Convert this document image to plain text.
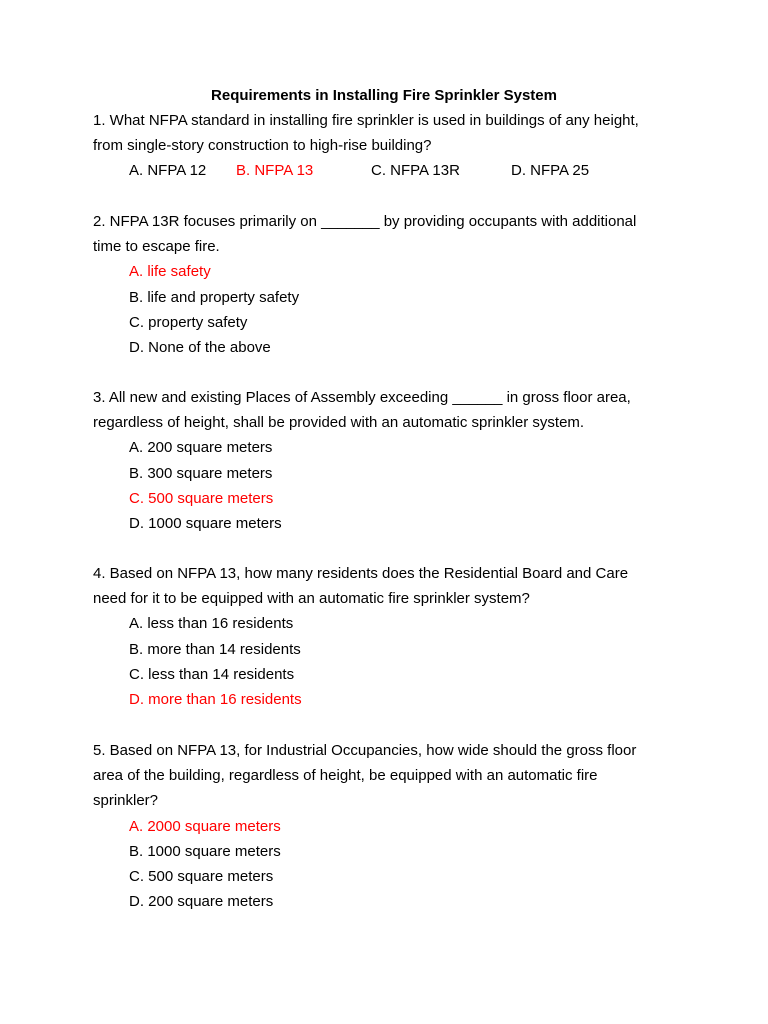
Requirements in Installing Fire Sprinkler System
1. What NFPA standard in installing fire sprinkler is used in buildings of any height,
from single-story construction to high-rise building?
A. NFPA 12 B. NFPA 13	C. NFPA 13R	D. NFPA 25
2. NFPA 13R focuses primarily on _______ by providing occupants with additional
time to escape fire.
A. life safety
B. life and property safety
C. property safety
D. None of the above
3. All new and existing Places of Assembly exceeding ______ in gross floor area,
regardless of height, shall be provided with an automatic sprinkler system.
A. 200 square meters
B. 300 square meters
C. 500 square meters
D. 1000 square meters
4. Based on NFPA 13, how many residents does the Residential Board and Care
need for it to be equipped with an automatic fire sprinkler system?
A. less than 16 residents
B. more than 14 residents
C. less than 14 residents
D. more than 16 residents
5. Based on NFPA 13, for Industrial Occupancies, how wide should the gross floor
area of the building, regardless of height, be equipped with an automatic fire
sprinkler?
A. 2000 square meters
B. 1000 square meters
C. 500 square meters
D. 200 square meters
